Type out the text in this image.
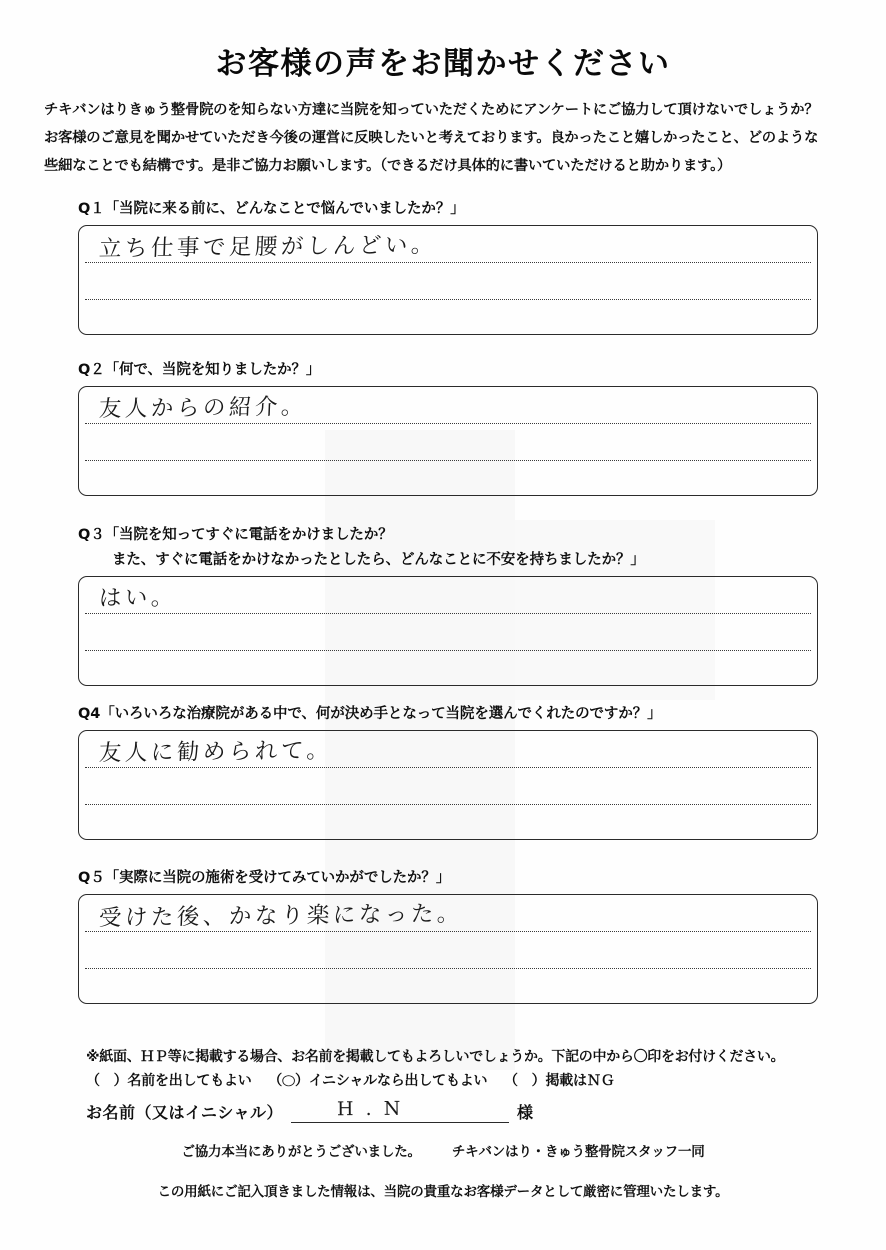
お客様の声をお聞かせください
チキバンはりきゅう整骨院のを知らない方達に当院を知っていただくためにアンケートにご協力して頂けないでしょうか？
お客様のご意見を聞かせていただき今後の運営に反映したいと考えております。良かったこと嬉しかったこと、どのような
些細なことでも結構です。是非ご協力お願いします。（できるだけ具体的に書いていただけると助かります。）
Q１「当院に来る前に、どんなことで悩んでいましたか？」
立ち仕事で足腰がしんどい。
Q２「何で、当院を知りましたか？」
友人からの紹介。
Q３「当院を知ってすぐに電話をかけましたか？
また、すぐに電話をかけなかったとしたら、どんなことに不安を持ちましたか？」
はい。
Q4「いろいろな治療院がある中で、何が決め手となって当院を選んでくれたのですか？」
友人に勧められて。
Q５「実際に当院の施術を受けてみていかがでしたか？」
受けた後、かなり楽になった。
※紙面、ＨＰ等に掲載する場合、お名前を掲載してもよろしいでしょうか。下記の中から〇印をお付けください。
（　）名前を出してもよい （○）イニシャルなら出してもよい （　）掲載はＮＧ
お名前（又はイニシャル）	H . N	様
ご協力本当にありがとうございました。 チキバンはり・きゅう整骨院スタッフ一同
この用紙にご記入頂きました情報は、当院の貴重なお客様データとして厳密に管理いたします。
